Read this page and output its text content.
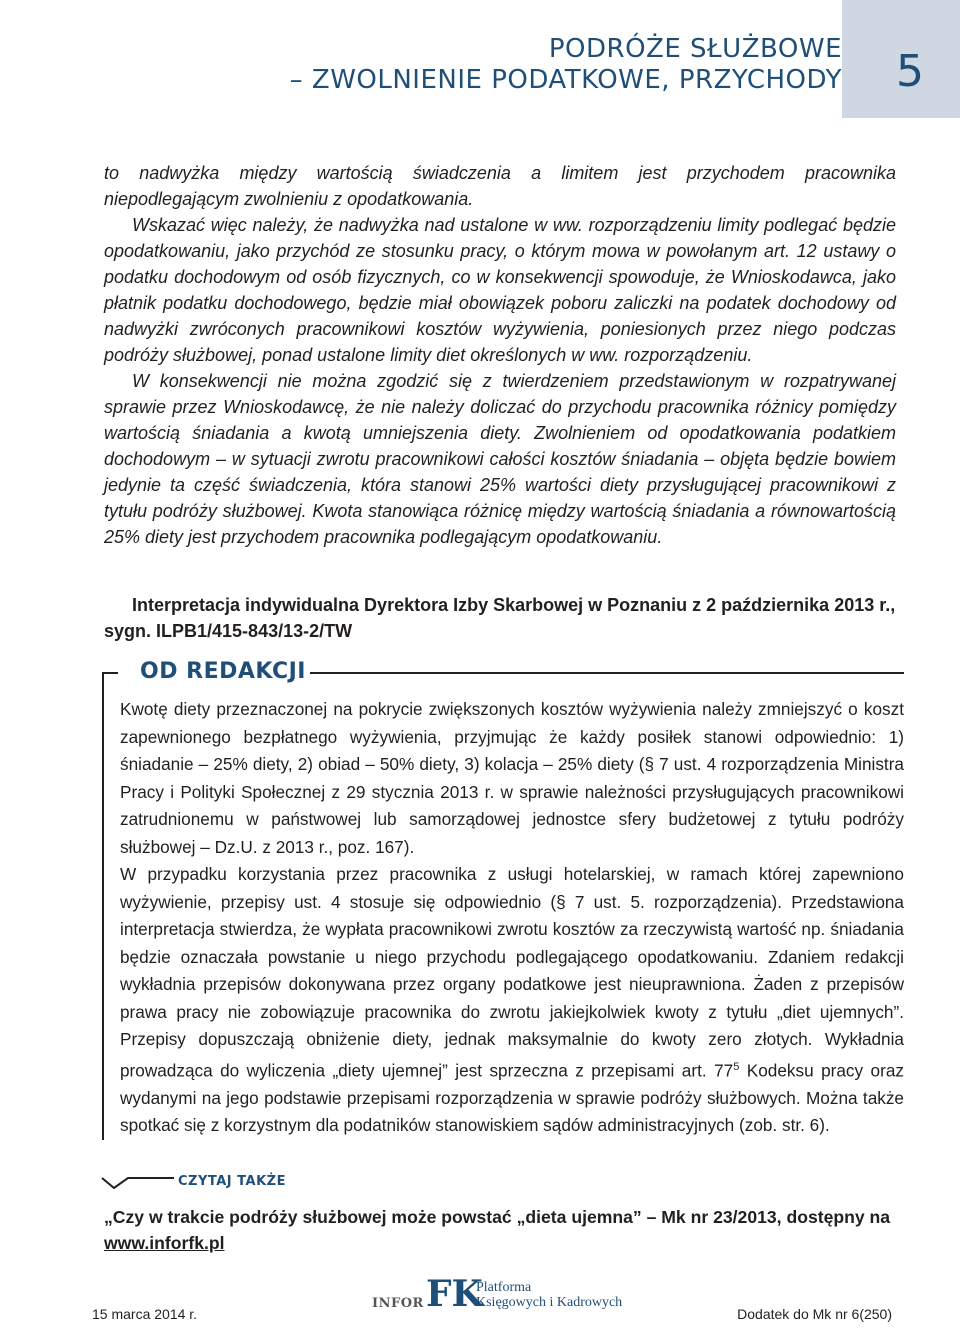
5
PODRÓŻE SŁUŻBOWE
– ZWOLNIENIE PODATKOWE, PRZYCHODY

to nadwyżka między wartością świadczenia a limitem jest przychodem pracownika niepodlegającym zwolnieniu z opodatkowania.

Wskazać więc należy, że nadwyżka nad ustalone w ww. rozporządzeniu limity podlegać będzie opodatkowaniu, jako przychód ze stosunku pracy, o którym mowa w powołanym art. 12 ustawy o podatku dochodowym od osób fizycznych, co w konsekwencji spowoduje, że Wnioskodawca, jako płatnik podatku dochodowego, będzie miał obowiązek poboru zaliczki na podatek dochodowy od nadwyżki zwróconych pracownikowi kosztów wyżywienia, poniesionych przez niego podczas podróży służbowej, ponad ustalone limity diet określonych w ww. rozporządzeniu.

W konsekwencji nie można zgodzić się z twierdzeniem przedstawionym w rozpatrywanej sprawie przez Wnioskodawcę, że nie należy doliczać do przychodu pracownika różnicy pomiędzy wartością śniadania a kwotą umniejszenia diety. Zwolnieniem od opodatkowania podatkiem dochodowym – w sytuacji zwrotu pracownikowi całości kosztów śniadania – objęta będzie bowiem jedynie ta część świadczenia, która stanowi 25% wartości diety przysługującej pracownikowi z tytułu podróży służbowej. Kwota stanowiąca różnicę między wartością śniadania a równowartością 25% diety jest przychodem pracownika podlegającym opodatkowaniu.

Interpretacja indywidualna Dyrektora Izby Skarbowej w Poznaniu z 2 października 2013 r., sygn. ILPB1/415-843/13-2/TW
OD REDAKCJI

Kwotę diety przeznaczonej na pokrycie zwiększonych kosztów wyżywienia należy zmniejszyć o koszt zapewnionego bezpłatnego wyżywienia, przyjmując że każdy posiłek stanowi odpowiednio: 1) śniadanie – 25% diety, 2) obiad – 50% diety, 3) kolacja – 25% diety (§ 7 ust. 4 rozporządzenia Ministra Pracy i Polityki Społecznej z 29 stycznia 2013 r. w sprawie należności przysługujących pracownikowi zatrudnionemu w państwowej lub samorządowej jednostce sfery budżetowej z tytułu podróży służbowej – Dz.U. z 2013 r., poz. 167).

W przypadku korzystania przez pracownika z usługi hotelarskiej, w ramach której zapewniono wyżywienie, przepisy ust. 4 stosuje się odpowiednio (§ 7 ust. 5. rozporządzenia). Przedstawiona interpretacja stwierdza, że wypłata pracownikowi zwrotu kosztów za rzeczywistą wartość np. śniadania będzie oznaczała powstanie u niego przychodu podlegającego opodatkowaniu. Zdaniem redakcji wykładnia przepisów dokonywana przez organy podatkowe jest nieuprawniona. Żaden z przepisów prawa pracy nie zobowiązuje pracownika do zwrotu jakiejkolwiek kwoty z tytułu „diet ujemnych”. Przepisy dopuszczają obniżenie diety, jednak maksymalnie do kwoty zero złotych. Wykładnia prowadząca do wyliczenia „diety ujemnej” jest sprzeczna z przepisami art. $77^5$ Kodeksu pracy oraz wydanymi na jego podstawie przepisami rozporządzenia w sprawie podróży służbowych. Można także spotkać się z korzystnym dla podatników stanowiskiem sądów administracyjnych (zob. str. 6).

CZYTAJ TAKŻE
„Czy w trakcie podróży służbowej może powstać „dieta ujemna” – Mk nr 23/2013, dostępny na www.inforfk.pl
INFOR FK
Platforma
Księgowych i Kadrowych
15 marca 2014 r.	Dodatek do Mk nr 6(250)
